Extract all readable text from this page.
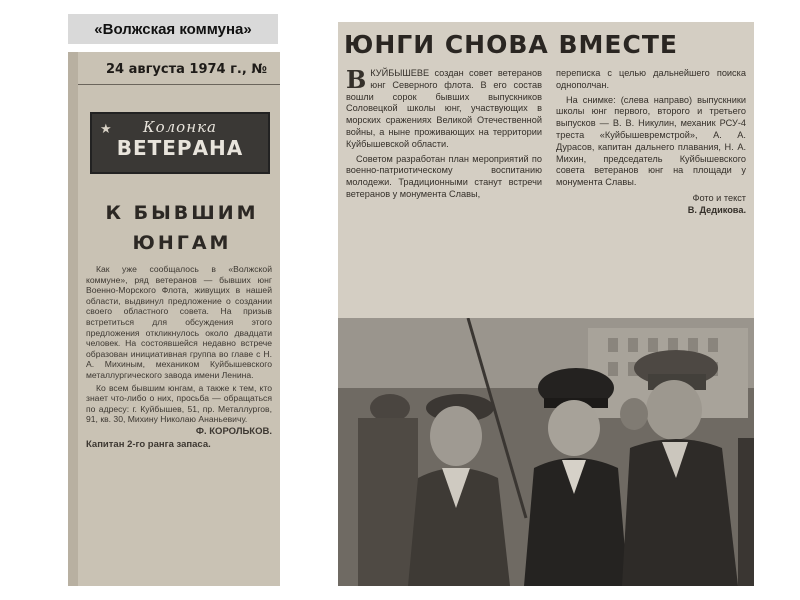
«Волжская коммуна»
24 августа 1974 г., №
★	Колонка
ВЕТЕРАНА
К БЫВШИМ
ЮНГАМ

Как уже сообщалось в «Волжской коммуне», ряд ветеранов — бывших юнг Военно-Морского Флота, живущих в нашей области, выдвинул предложение о создании своего областного совета. На призыв встретиться для обсуждения этого предложения откликнулось около двадцати человек. На состоявшейся недавно встрече образован инициативная группа во главе с Н. А. Михиным, механиком Куйбышевского металлургического завода имени Ленина.

Ко всем бывшим юнгам, а также к тем, кто знает что-либо о них, просьба — обращаться по адресу: г. Куйбышев, 51, пр. Металлургов, 91, кв. 30, Михину Николаю Ананьевичу.

Ф. КОРОЛЬКОВ.

Капитан 2-го ранга запаса.

ЮНГИ СНОВА ВМЕСТЕ

ВКУЙБЫШЕВЕ создан совет ветеранов юнг Северного флота. В его состав вошли сорок бывших выпускников Соловецкой школы юнг, участвующих в морских сражениях Великой Отечественной войны, а ныне проживающих на территории Куйбышевской области.

Советом разработан план мероприятий по военно-патриотическому воспитанию молодежи. Традиционными станут встречи ветеранов у монумента Славы,

переписка с целью дальнейшего поиска однополчан.

На снимке: (слева направо) выпускники школы юнг первого, второго и третьего выпусков — В. В. Никулин, механик РСУ-4 треста «Куйбышевремстрой», А. А. Дурасов, капитан дальнего плавания, Н. А. Михин, председатель Куйбышевского совета ветеранов юнг на площади у монумента Славы.

Фото и текст

В. Дедикова.
